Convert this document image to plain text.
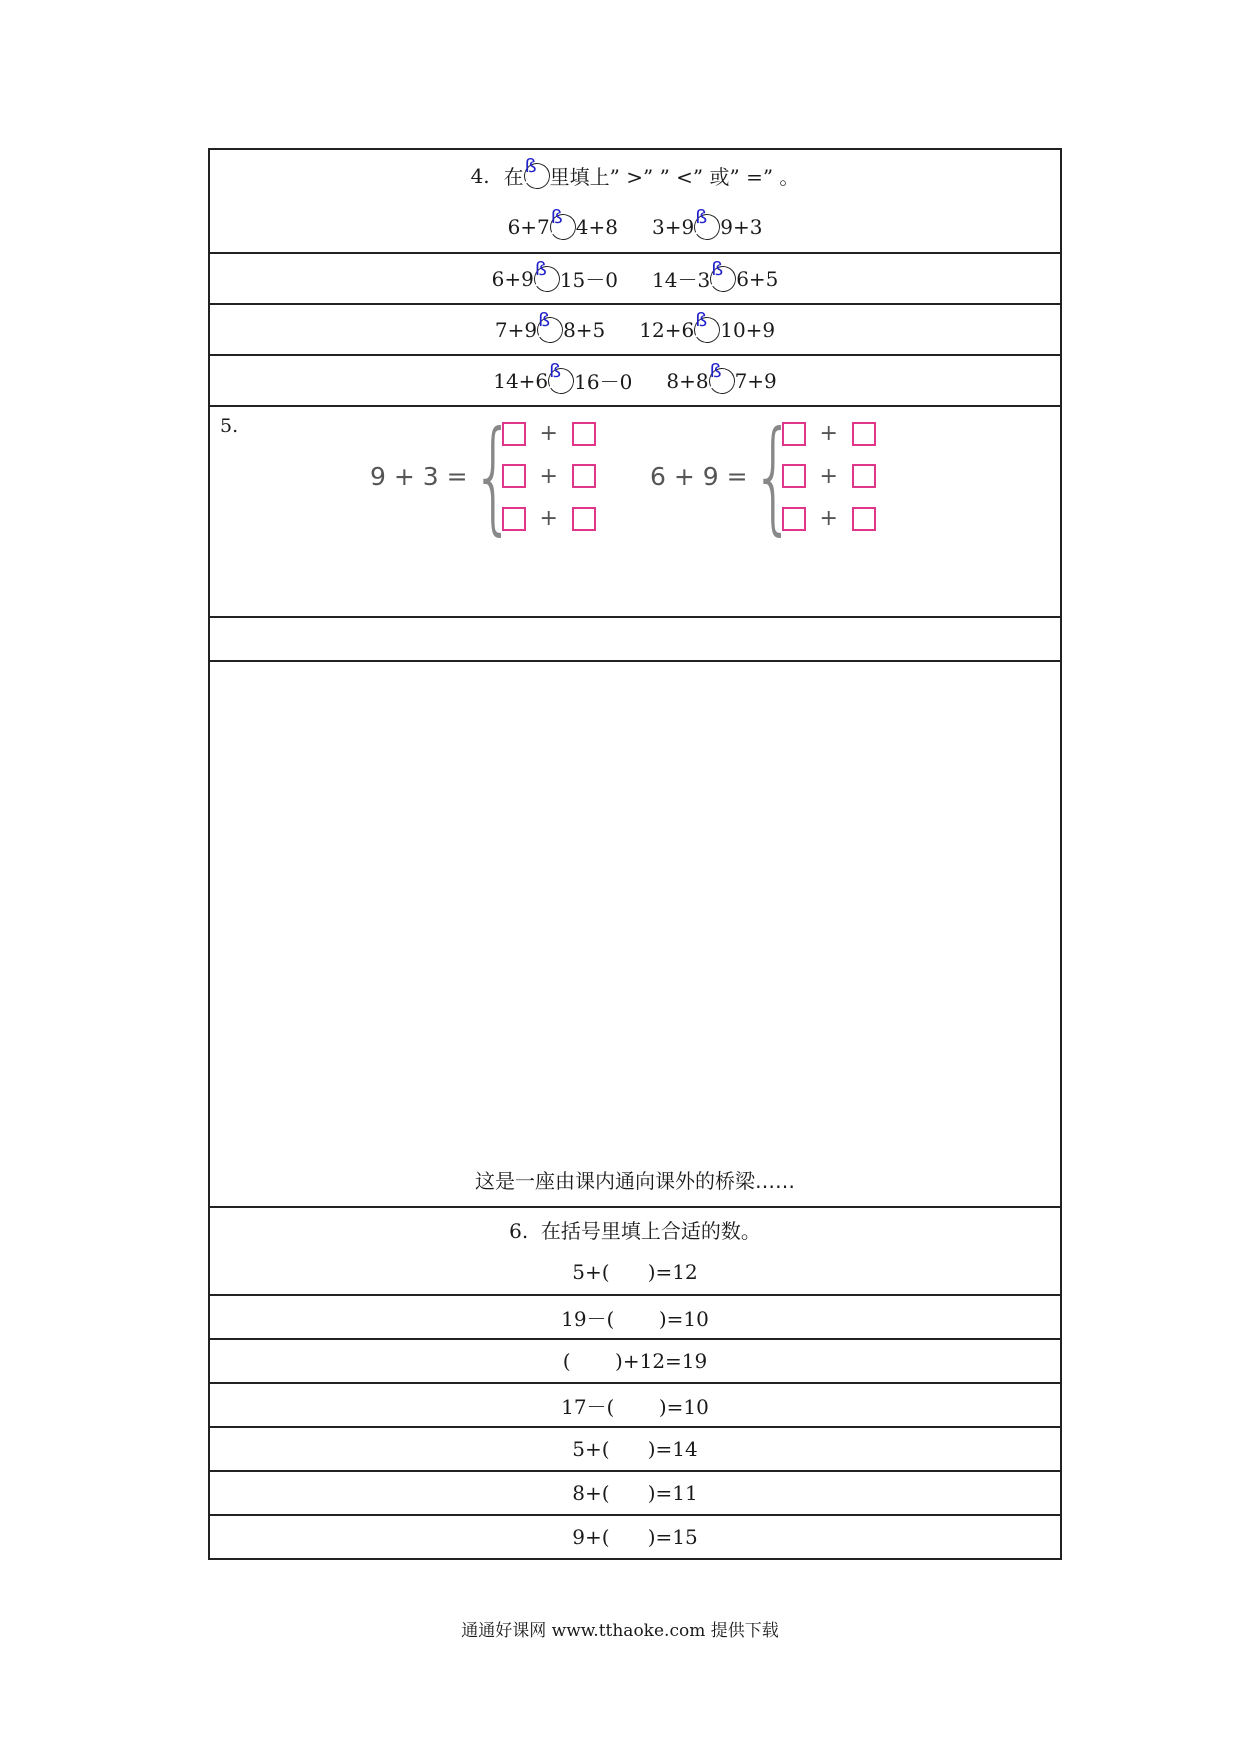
4. 在 ß 里填上” >” ” <” 或” =” 。
6+7 ß 4+8 3+9 ß 9+3
6+9 ß 15－0 14－3 ß 6+5
7+9 ß 8+5 12+6 ß 10+9
14+6 ß 16－0 8+8 ß 7+9
5.
9 + 3 = { +
+
+
6 + 9 = { +
+
+
这是一座由课内通向课外的桥梁……
6.  在括号里填上合适的数。
5+(      )=12
19－(       )=10
(       )+12=19
17－(       )=10
5+(      )=14
8+(      )=11
9+(      )=15
通通好课网 www.tthaoke.com 提供下载
